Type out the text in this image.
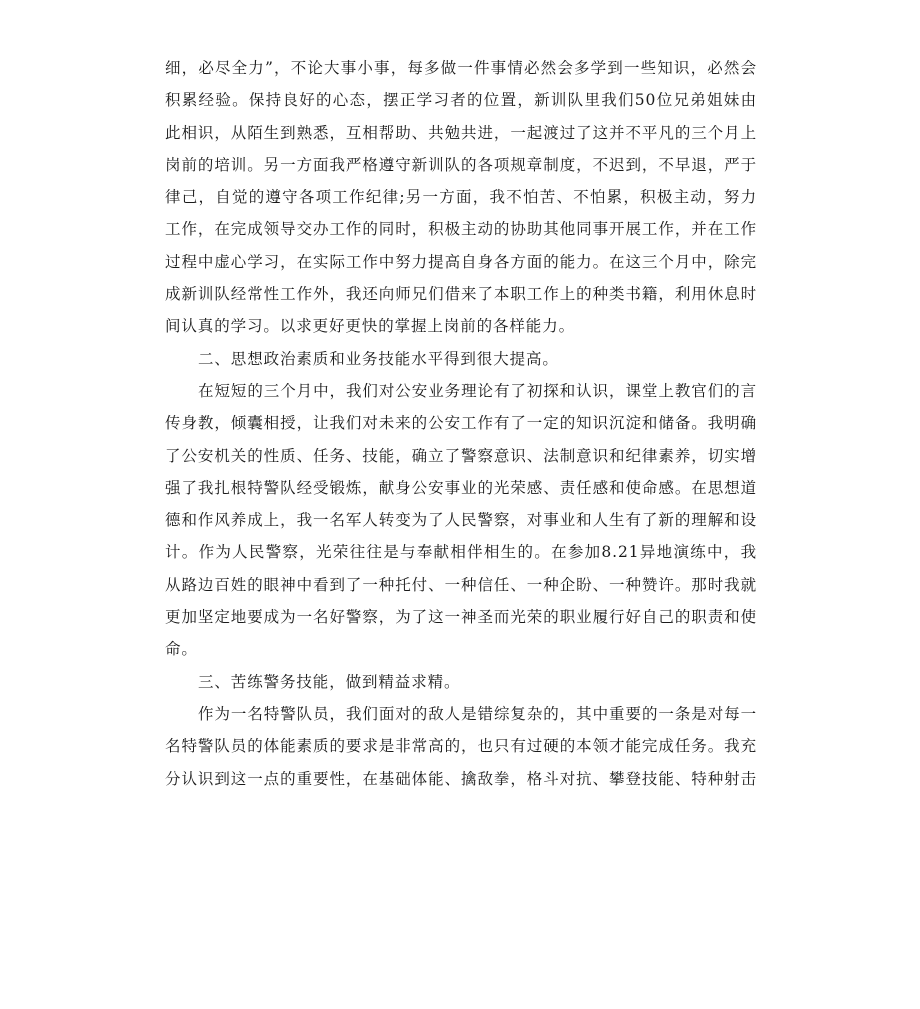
细，必尽全力”，不论大事小事，每多做一件事情必然会多学到一些知识，必然会
积累经验。保持良好的心态，摆正学习者的位置，新训队里我们50位兄弟姐妹由
此相识，从陌生到熟悉，互相帮助、共勉共进，一起渡过了这并不平凡的三个月上
岗前的培训。另一方面我严格遵守新训队的各项规章制度，不迟到，不早退，严于
律己，自觉的遵守各项工作纪律;另一方面，我不怕苦、不怕累，积极主动，努力
工作，在完成领导交办工作的同时，积极主动的协助其他同事开展工作，并在工作
过程中虚心学习，在实际工作中努力提高自身各方面的能力。在这三个月中，除完
成新训队经常性工作外，我还向师兄们借来了本职工作上的种类书籍，利用休息时
间认真的学习。以求更好更快的掌握上岗前的各样能力。
二、思想政治素质和业务技能水平得到很大提高。
在短短的三个月中，我们对公安业务理论有了初探和认识，课堂上教官们的言
传身教，倾囊相授，让我们对未来的公安工作有了一定的知识沉淀和储备。我明确
了公安机关的性质、任务、技能，确立了警察意识、法制意识和纪律素养，切实增
强了我扎根特警队经受锻炼，献身公安事业的光荣感、责任感和使命感。在思想道
德和作风养成上，我一名军人转变为了人民警察，对事业和人生有了新的理解和设
计。作为人民警察，光荣往往是与奉献相伴相生的。在参加8.21异地演练中，我
从路边百姓的眼神中看到了一种托付、一种信任、一种企盼、一种赞许。那时我就
更加坚定地要成为一名好警察，为了这一神圣而光荣的职业履行好自己的职责和使
命。
三、苦练警务技能，做到精益求精。
作为一名特警队员，我们面对的敌人是错综复杂的，其中重要的一条是对每一
名特警队员的体能素质的要求是非常高的，也只有过硬的本领才能完成任务。我充
分认识到这一点的重要性，在基础体能、擒敌拳，格斗对抗、攀登技能、特种射击
